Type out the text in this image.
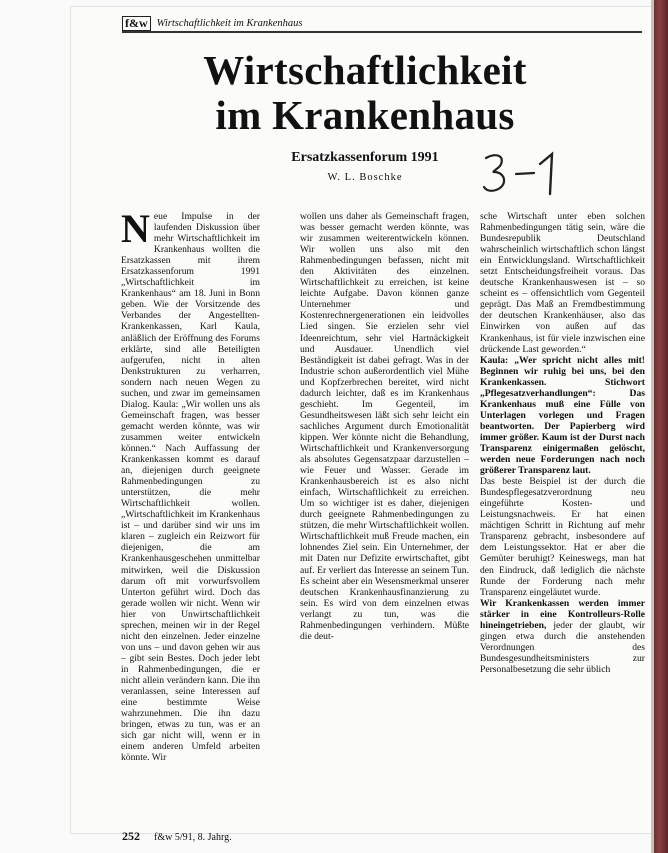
f&w Wirtschaftlichkeit im Krankenhaus
Wirtschaftlichkeit
im Krankenhaus
Ersatzkassenforum 1991
W. L. Boschke
N eue Impulse in der laufenden Diskussion über mehr Wirtschaftlichkeit im Krankenhaus wollten die Ersatzkassen mit ihrem Ersatzkassenforum 1991 „Wirtschaftlichkeit im Krankenhaus“ am 18. Juni in Bonn geben. Wie der Vorsitzende des Verbandes der Angestellten-Krankenkassen, Karl Kaula, anläßlich der Eröffnung des Forums erklärte, sind alle Beteiligten aufgerufen, nicht in alten Denkstrukturen zu verharren, sondern nach neuen Wegen zu suchen, und zwar im gemeinsamen Dialog. Kaula: „Wir wollen uns als Gemeinschaft fragen, was besser gemacht werden könnte, was wir zusammen weiter entwickeln können.“ Nach Auffassung der Krankenkassen kommt es darauf an, diejenigen durch geeignete Rahmenbedingungen zu unterstützen, die mehr Wirtschaftlichkeit wollen. „Wirtschaftlichkeit im Krankenhaus ist – und darüber sind wir uns im klaren – zugleich ein Reizwort für diejenigen, die am Krankenhausgeschehen unmittelbar mitwirken, weil die Diskussion darum oft mit vorwurfsvollem Unterton geführt wird. Doch das gerade wollen wir nicht. Wenn wir hier von Unwirtschaftlichkeit sprechen, meinen wir in der Regel nicht den einzelnen. Jeder einzelne von uns – und davon gehen wir aus – gibt sein Bestes. Doch jeder lebt in Rahmenbedingungen, die er nicht allein verändern kann. Die ihn veranlassen, seine Interessen auf eine bestimmte Weise wahrzunehmen. Die ihn dazu bringen, etwas zu tun, was er an sich gar nicht will, wenn er in einem anderen Umfeld arbeiten könnte. Wir
wollen uns daher als Gemeinschaft fragen, was besser gemacht werden könnte, was wir zusammen weiterentwickeln können. Wir wollen uns also mit den Rahmenbedingungen befassen, nicht mit den Aktivitäten des einzelnen. Wirtschaftlichkeit zu erreichen, ist keine leichte Aufgabe. Davon können ganze Unternehmer und Kostenrechnergenerationen ein leidvolles Lied singen. Sie erzielen sehr viel Ideenreichtum, sehr viel Hartnäckigkeit und Ausdauer. Unendlich viel Beständigkeit ist dabei gefragt. Was in der Industrie schon außerordentlich viel Mühe und Kopfzerbrechen bereitet, wird nicht dadurch leichter, daß es im Krankenhaus geschieht. Im Gegenteil, im Gesundheitswesen läßt sich sehr leicht ein sachliches Argument durch Emotionalität kippen. Wer könnte nicht die Behandlung, Wirtschaftlichkeit und Krankenversorgung als absolutes Gegensatzpaar darzustellen – wie Feuer und Wasser. Gerade im Krankenhausbereich ist es also nicht einfach, Wirtschaftlichkeit zu erreichen. Um so wichtiger ist es daher, diejenigen durch geeignete Rahmenbedingungen zu stützen, die mehr Wirtschaftlichkeit wollen. Wirtschaftlichkeit muß Freude machen, ein lohnendes Ziel sein. Ein Unternehmer, der mit Daten nur Defizite erwirtschaftet, gibt auf. Er verliert das Interesse an seinem Tun. Es scheint aber ein Wesensmerkmal unserer deutschen Krankenhausfinanzierung zu sein. Es wird von dem einzelnen etwas verlangt zu tun, was die Rahmenbedingungen verhindern. Müßte die deut-

sche Wirtschaft unter eben solchen Rahmenbedingungen tätig sein, wäre die Bundesrepublik Deutschland wahrscheinlich wirtschaftlich schon längst ein Entwicklungsland. Wirtschaftlichkeit setzt Entscheidungsfreiheit voraus. Das deutsche Krankenhauswesen ist – so scheint es – offensichtlich vom Gegenteil geprägt. Das Maß an Fremdbestimmung der deutschen Krankenhäuser, also das Einwirken von außen auf das Krankenhaus, ist für viele inzwischen eine drückende Last geworden.“

Kaula: „Wer spricht nicht alles mit! Beginnen wir ruhig bei uns, bei den Krankenkassen. Stichwort „Pflegesatzverhandlungen“: Das Krankenhaus muß eine Fülle von Unterlagen vorlegen und Fragen beantworten. Der Papierberg wird immer größer. Kaum ist der Durst nach Transparenz einigermaßen gelöscht, werden neue Forderungen nach noch größerer Transparenz laut.

Das beste Beispiel ist der durch die Bundespflegesatzverordnung neu eingeführte Kosten- und Leistungsnachweis. Er hat einen mächtigen Schritt in Richtung auf mehr Transparenz gebracht, insbesondere auf dem Leistungssektor. Hat er aber die Gemüter beruhigt? Keineswegs, man hat den Eindruck, daß lediglich die nächste Runde der Forderung nach mehr Transparenz eingeläutet wurde.

Wir Krankenkassen werden immer stärker in eine Kontrolleurs-Rolle hineingetrieben, jeder der glaubt, wir gingen etwa durch die anstehenden Verordnungen des Bundesgesundheitsministers zur Personalbesetzung die sehr üblich

252 f&w 5/91, 8. Jahrg.
